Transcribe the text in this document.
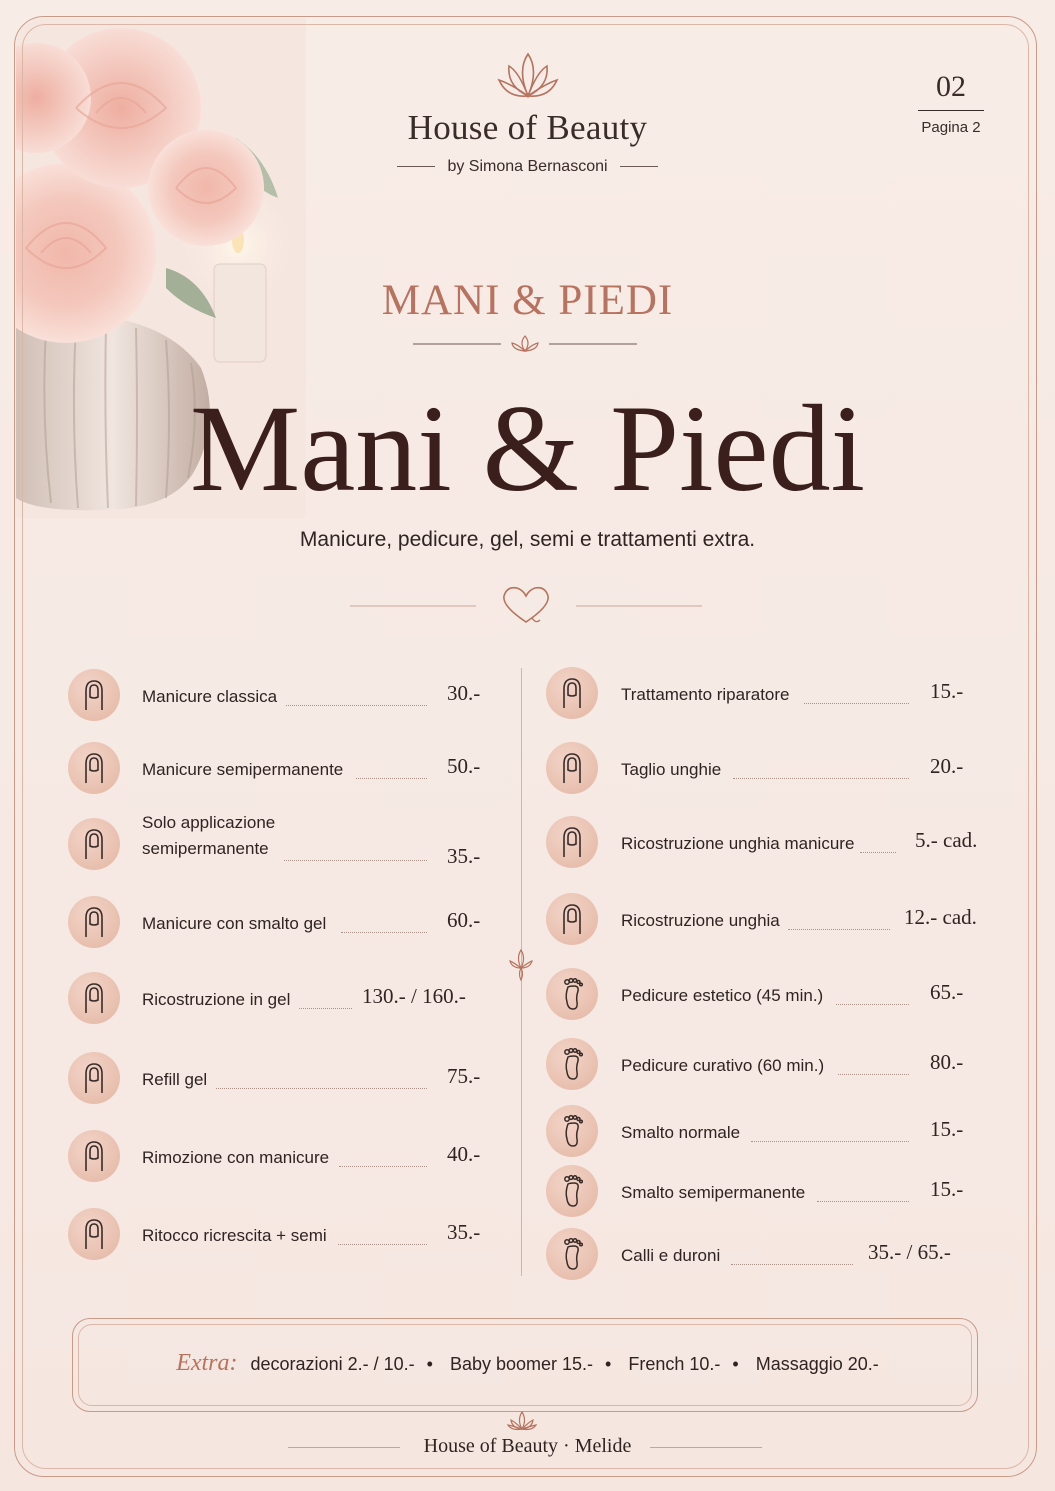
House of Beauty
by Simona Bernasconi
02
Pagina 2
MANI & PIEDI
Mani & Piedi
Manicure, pedicure, gel, semi e trattamenti extra.
Manicure classica	30.-
Manicure semipermanente	50.-
Solo applicazione
semipermanente	35.-
Manicure con smalto gel	60.-
Ricostruzione in gel	130.- / 160.-
Refill gel	75.-
Rimozione con manicure	40.-
Ritocco ricrescita + semi	35.-
Trattamento riparatore	15.-
Taglio unghie	20.-
Ricostruzione unghia manicure	5.- cad.
Ricostruzione unghia	12.- cad.
Pedicure estetico (45 min.)	65.-
Pedicure curativo (60 min.)	80.-
Smalto normale	15.-
Smalto semipermanente	15.-
Calli e duroni	35.- / 65.-
Extra: decorazioni 2.- / 10.- • Baby boomer 15.- • French 10.- • Massaggio 20.-
House of Beauty · Melide
